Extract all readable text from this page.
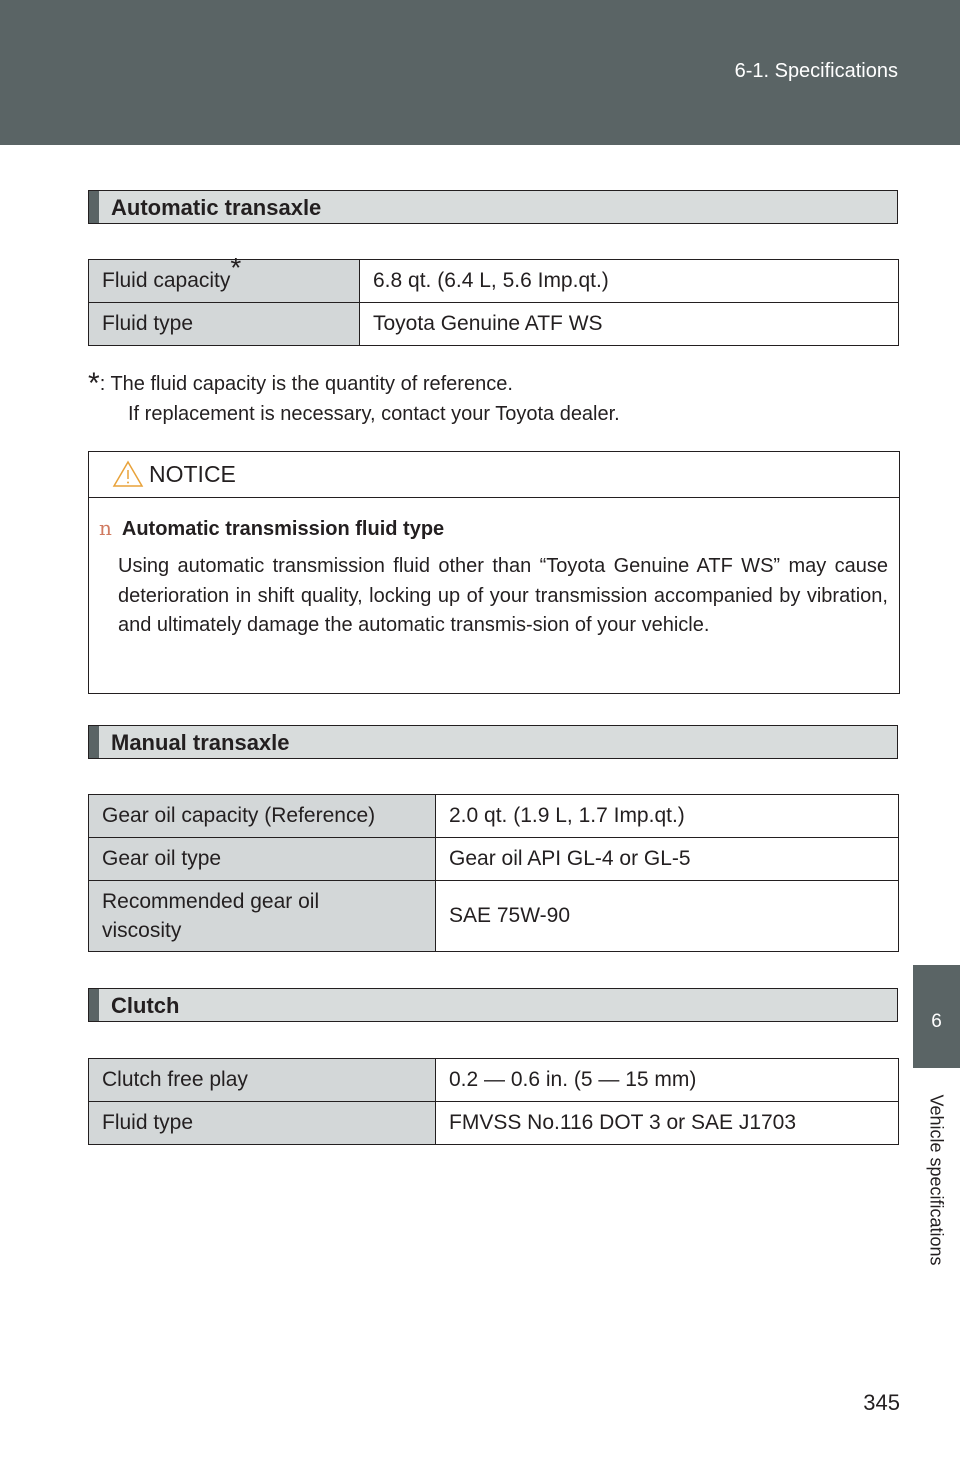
6-1. Specifications
Automatic transaxle
Fluid capacity*	6.8 qt. (6.4 L, 5.6 Imp.qt.)
Fluid type	Toyota Genuine ATF WS
*: The fluid capacity is the quantity of reference.
If replacement is necessary, contact your Toyota dealer.
NOTICE
n Automatic transmission fluid type
Using automatic transmission fluid other than “Toyota Genuine ATF WS” may cause deterioration in shift quality, locking up of your transmission accompanied by vibration, and ultimately damage the automatic transmis-sion of your vehicle.
Manual transaxle
Gear oil capacity (Reference)	2.0 qt. (1.9 L, 1.7 Imp.qt.)
Gear oil type	Gear oil API GL-4 or GL-5
Recommended gear oil viscosity	SAE 75W-90
Clutch
Clutch free play	0.2 — 0.6 in. (5 — 15 mm)
Fluid type	FMVSS No.116 DOT 3 or SAE J1703
6
Vehicle specifications
345
